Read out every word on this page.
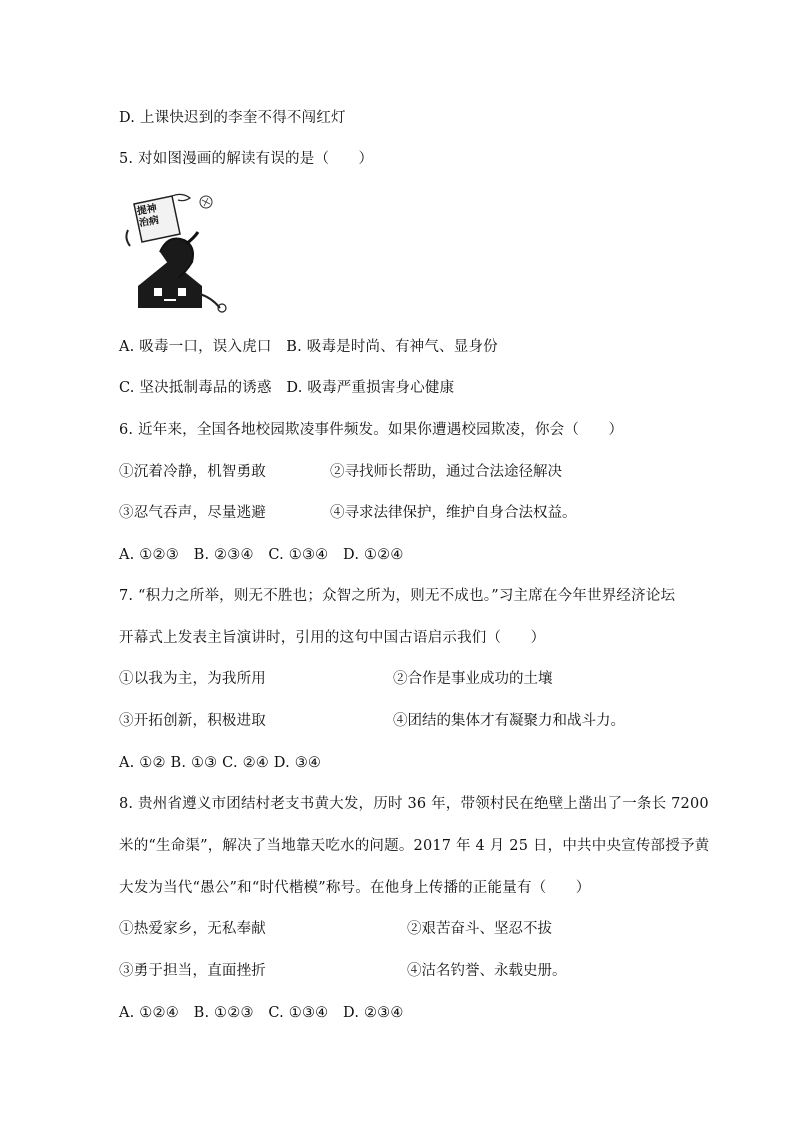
D. 上课快迟到的李奎不得不闯红灯
5. 对如图漫画的解读有误的是（　　）
提神治病
A. 吸毒一口，误入虎口　B. 吸毒是时尚、有神气、显身份
C. 坚决抵制毒品的诱惑　D. 吸毒严重损害身心健康
6. 近年来，全国各地校园欺凌事件频发。如果你遭遇校园欺凌，你会（　　）
①沉着冷静，机智勇敢	②寻找师长帮助，通过合法途径解决
③忍气吞声，尽量逃避	④寻求法律保护，维护自身合法权益。
A. ①②③　B. ②③④　C. ①③④　D. ①②④
7. “积力之所举，则无不胜也；众智之所为，则无不成也。”习主席在今年世界经济论坛
开幕式上发表主旨演讲时，引用的这句中国古语启示我们（　　）
①以我为主，为我所用	②合作是事业成功的土壤
③开拓创新，积极进取	④团结的集体才有凝聚力和战斗力。
A. ①② B. ①③ C. ②④ D. ③④
8. 贵州省遵义市团结村老支书黄大发，历时 36 年，带领村民在绝壁上凿出了一条长 7200
米的“生命渠”，解决了当地靠天吃水的问题。2017 年 4 月 25 日，中共中央宣传部授予黄
大发为当代“愚公”和“时代楷模”称号。在他身上传播的正能量有（　　）
①热爱家乡，无私奉献	②艰苦奋斗、坚忍不拔
③勇于担当，直面挫折	④沽名钓誉、永载史册。
A. ①②④　B. ①②③　C. ①③④　D. ②③④
